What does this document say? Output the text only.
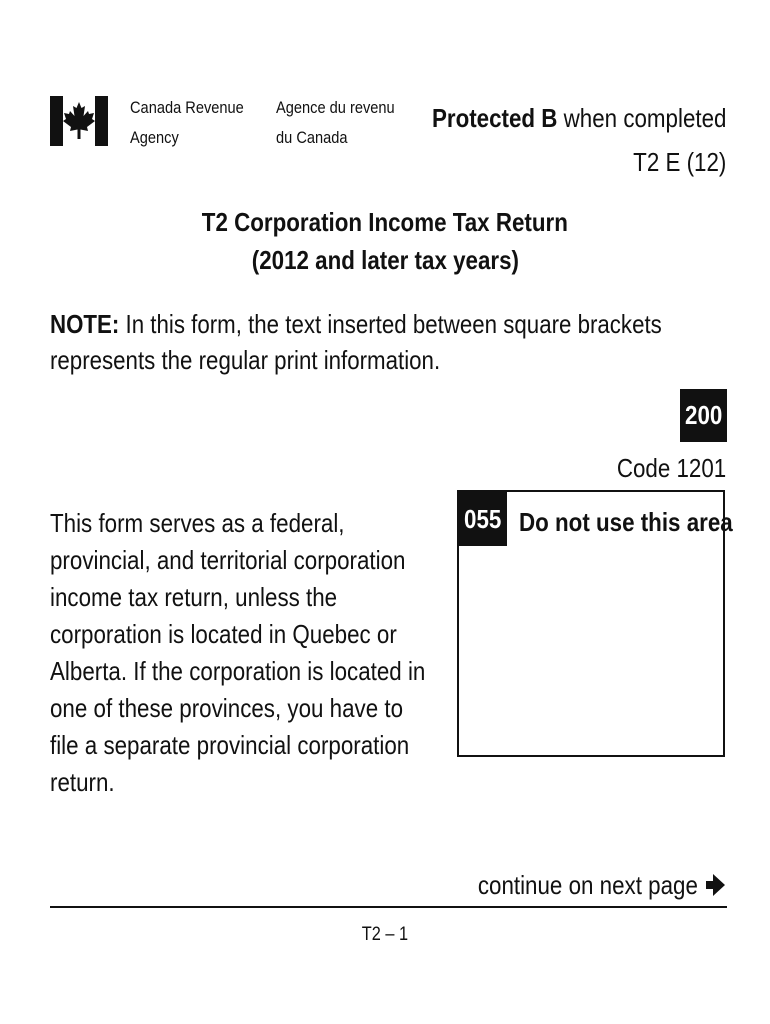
Canada Revenue
Agency
Agence du revenu
du Canada
Protected B when completed
T2 E (12)
T2 Corporation Income Tax Return
(2012 and later tax years)
NOTE: In this form, the text inserted between square brackets represents the regular print information.
200
Code 1201
This form serves as a federal, provincial, and territorial corporation income tax return, unless the corporation is located in Quebec or Alberta. If the corporation is located in one of these provinces, you have to file a separate provincial corporation return.
055 Do not use this area
continue on next page
T2 – 1
